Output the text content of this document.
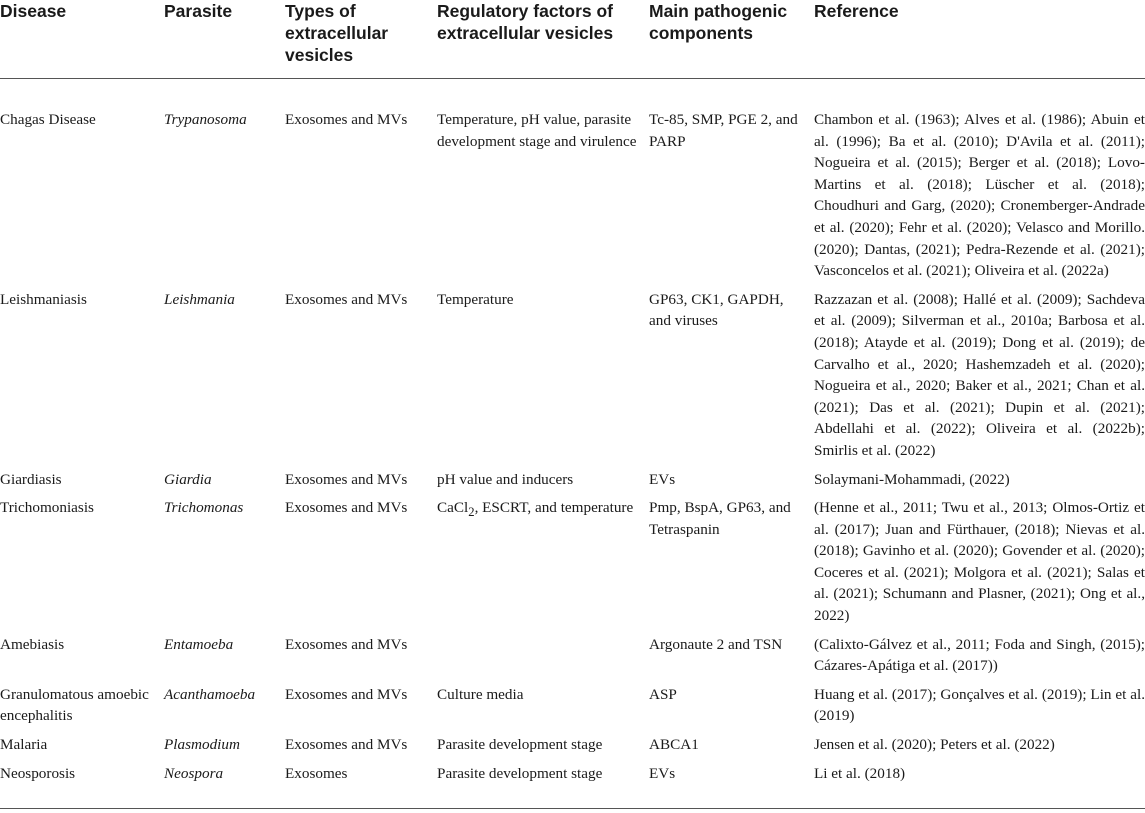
Disease	Parasite	Types of extracellular vesicles	Regulatory factors of extracellular vesicles	Main pathogenic components	Reference
Chagas Disease	Trypanosoma	Exosomes and MVs	Temperature, pH value, parasite development stage and virulence	Tc-85, SMP, PGE 2, and PARP	Chambon et al. (1963); Alves et al. (1986); Abuin et al. (1996); Ba et al. (2010); D'Avila et al. (2011); Nogueira et al. (2015); Berger et al. (2018); Lovo-Martins et al. (2018); Lüscher et al. (2018); Choudhuri and Garg, (2020); Cronemberger-Andrade et al. (2020); Fehr et al. (2020); Velasco and Morillo. (2020); Dantas, (2021); Pedra-Rezende et al. (2021); Vasconcelos et al. (2021); Oliveira et al. (2022a)
Leishmaniasis	Leishmania	Exosomes and MVs	Temperature	GP63, CK1, GAPDH, and viruses	Razzazan et al. (2008); Hallé et al. (2009); Sachdeva et al. (2009); Silverman et al., 2010a; Barbosa et al. (2018); Atayde et al. (2019); Dong et al. (2019); de Carvalho et al., 2020; Hashemzadeh et al. (2020); Nogueira et al., 2020; Baker et al., 2021; Chan et al. (2021); Das et al. (2021); Dupin et al. (2021); Abdellahi et al. (2022); Oliveira et al. (2022b); Smirlis et al. (2022)
Giardiasis	Giardia	Exosomes and MVs	pH value and inducers	EVs	Solaymani-Mohammadi, (2022)
Trichomoniasis	Trichomonas	Exosomes and MVs	CaCl$_2$, ESCRT, and temperature	Pmp, BspA, GP63, and Tetraspanin	(Henne et al., 2011; Twu et al., 2013; Olmos-Ortiz et al. (2017); Juan and Fürthauer, (2018); Nievas et al. (2018); Gavinho et al. (2020); Govender et al. (2020); Coceres et al. (2021); Molgora et al. (2021); Salas et al. (2021); Schumann and Plasner, (2021); Ong et al., 2022)
Amebiasis	Entamoeba	Exosomes and MVs		Argonaute 2 and TSN	(Calixto-Gálvez et al., 2011; Foda and Singh, (2015); Cázares-Apátiga et al. (2017))
Granulomatous amoebic encephalitis	Acanthamoeba	Exosomes and MVs	Culture media	ASP	Huang et al. (2017); Gonçalves et al. (2019); Lin et al. (2019)
Malaria	Plasmodium	Exosomes and MVs	Parasite development stage	ABCA1	Jensen et al. (2020); Peters et al. (2022)
Neosporosis	Neospora	Exosomes	Parasite development stage	EVs	Li et al. (2018)
